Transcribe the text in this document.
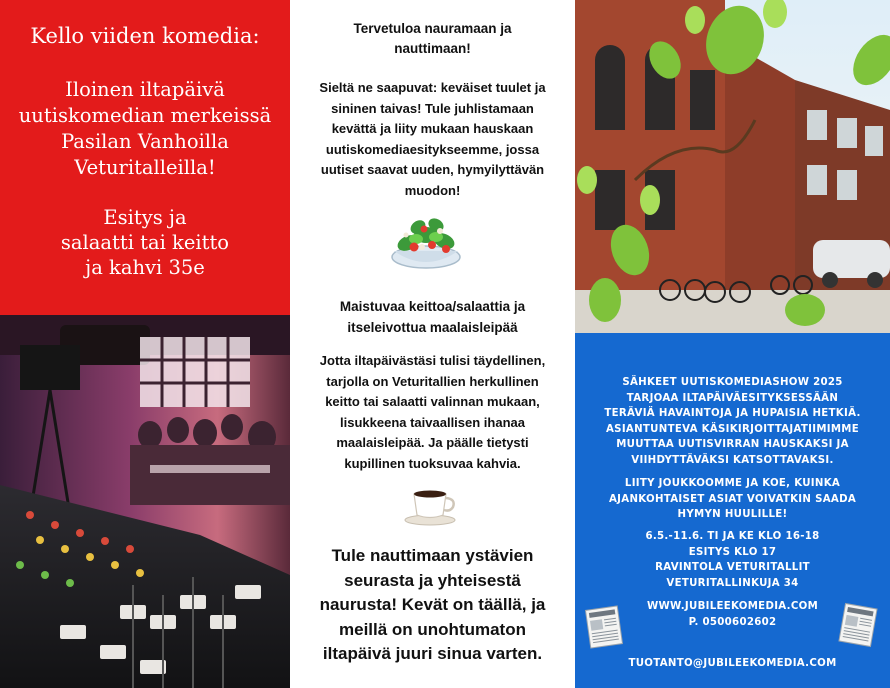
Kello viiden komedia:
Iloinen iltapäivä
uutiskomedian merkeissä
Pasilan Vanhoilla
Veturitalleilla!
Esitys ja
salaatti tai keitto
ja kahvi 35e
Tervetuloa nauramaan ja
nauttimaan!
Sieltä ne saapuvat: keväiset tuulet ja
sininen taivas! Tule juhlistamaan
kevättä ja liity mukaan hauskaan
uutiskomediaesitykseemme, jossa
uutiset saavat uuden, hymyilyttävän
muodon!
Maistuvaa keittoa/salaattia ja
itseleivottua maalaisleipää
Jotta iltapäivästäsi tulisi täydellinen,
tarjolla on Veturitallien herkullinen
keitto tai salaatti valinnan mukaan,
lisukkeena taivaallisen ihanaa
maalaisleipää. Ja päälle tietysti
kupillinen tuoksuvaa kahvia.
Tule nauttimaan ystävien
seurasta ja yhteisestä
naurusta! Kevät on täällä, ja
meillä on unohtumaton
iltapäivä juuri sinua varten.
SÄHKEET UUTISKOMEDIASHOW 2025
TARJOAA ILTAPÄIVÄESITYKSESSÄÄN
TERÄVIÄ HAVAINTOJA JA HUPAISIA HETKIÄ.
ASIANTUNTEVA KÄSIKIRJOITTAJATIIMIMME
MUUTTAA UUTISVIRRAN HAUSKAKSI JA
VIIHDYTTÄVÄKSI KATSOTTAVAKSI.
LIITY JOUKKOOMME JA KOE, KUINKA
AJANKOHTAISET ASIAT VOIVATKIN SAADA
HYMYN HUULILLE!
6.5.-11.6. TI JA KE KLO 16-18
ESITYS KLO 17
RAVINTOLA VETURITALLIT
VETURITALLINKUJA 34
WWW.JUBILEEKOMEDIA.COM
P. 0500602602
TUOTANTO@JUBILEEKOMEDIA.COM
